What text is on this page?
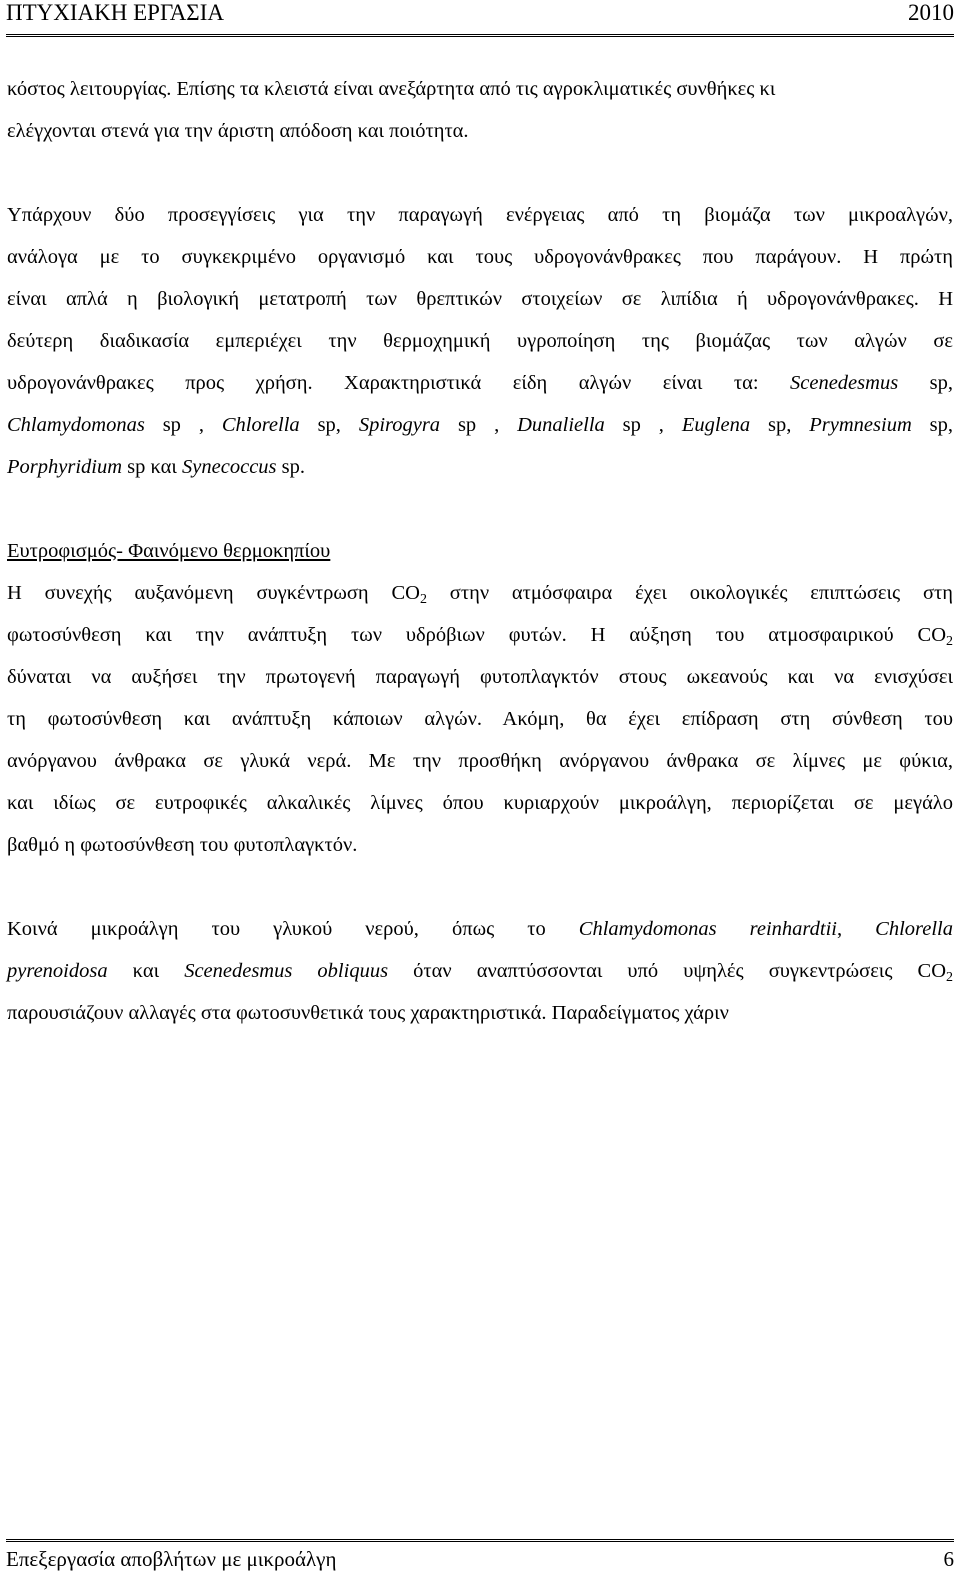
ΠΤΥΧΙΑΚΗ ΕΡΓΑΣΙΑ	2010
κόστος λειτουργίας. Επίσης τα κλειστά είναι ανεξάρτητα από τις αγροκλιματικές συνθήκες κι
ελέγχονται στενά για την άριστη απόδοση και ποιότητα.
Υπάρχουν δύο προσεγγίσεις για την παραγωγή ενέργειας από τη βιομάζα των μικροαλγών,
ανάλογα με το συγκεκριμένο οργανισμό και τους υδρογονάνθρακες που παράγουν. Η πρώτη
είναι απλά η βιολογική μετατροπή των θρεπτικών στοιχείων σε λιπίδια ή υδρογονάνθρακες. Η
δεύτερη διαδικασία εμπεριέχει την θερμοχημική υγροποίηση της βιομάζας των αλγών σε
υδρογονάνθρακες προς χρήση. Χαρακτηριστικά είδη αλγών είναι τα: Scenedesmus sp,
Chlamydomonas sp , Chlorella sp, Spirogyra sp , Dunaliella sp , Euglena sp, Prymnesium sp,
Porphyridium sp και Synecoccus sp.
Ευτροφισμός- Φαινόμενο θερμοκηπίου
Η συνεχής αυξανόμενη συγκέντρωση $CO_2$ στην ατμόσφαιρα έχει οικολογικές επιπτώσεις στη
φωτοσύνθεση και την ανάπτυξη των υδρόβιων φυτών. Η αύξηση του ατμοσφαιρικού $CO_2$
δύναται να αυξήσει την πρωτογενή παραγωγή φυτοπλαγκτόν στους ωκεανούς και να ενισχύσει
τη φωτοσύνθεση και ανάπτυξη κάποιων αλγών. Ακόμη, θα έχει επίδραση στη σύνθεση του
ανόργανου άνθρακα σε γλυκά νερά. Με την προσθήκη ανόργανου άνθρακα σε λίμνες με φύκια,
και ιδίως σε ευτροφικές αλκαλικές λίμνες όπου κυριαρχούν μικροάλγη, περιορίζεται σε μεγάλο
βαθμό η φωτοσύνθεση του φυτοπλαγκτόν.
Κοινά μικροάλγη του γλυκού νερού, όπως το Chlamydomonas reinhardtii, Chlorella
pyrenoidosa και Scenedesmus obliquus όταν αναπτύσσονται υπό υψηλές συγκεντρώσεις $CO_2$
παρουσιάζουν αλλαγές στα φωτοσυνθετικά τους χαρακτηριστικά. Παραδείγματος χάριν
Επεξεργασία αποβλήτων με μικροάλγη	6
